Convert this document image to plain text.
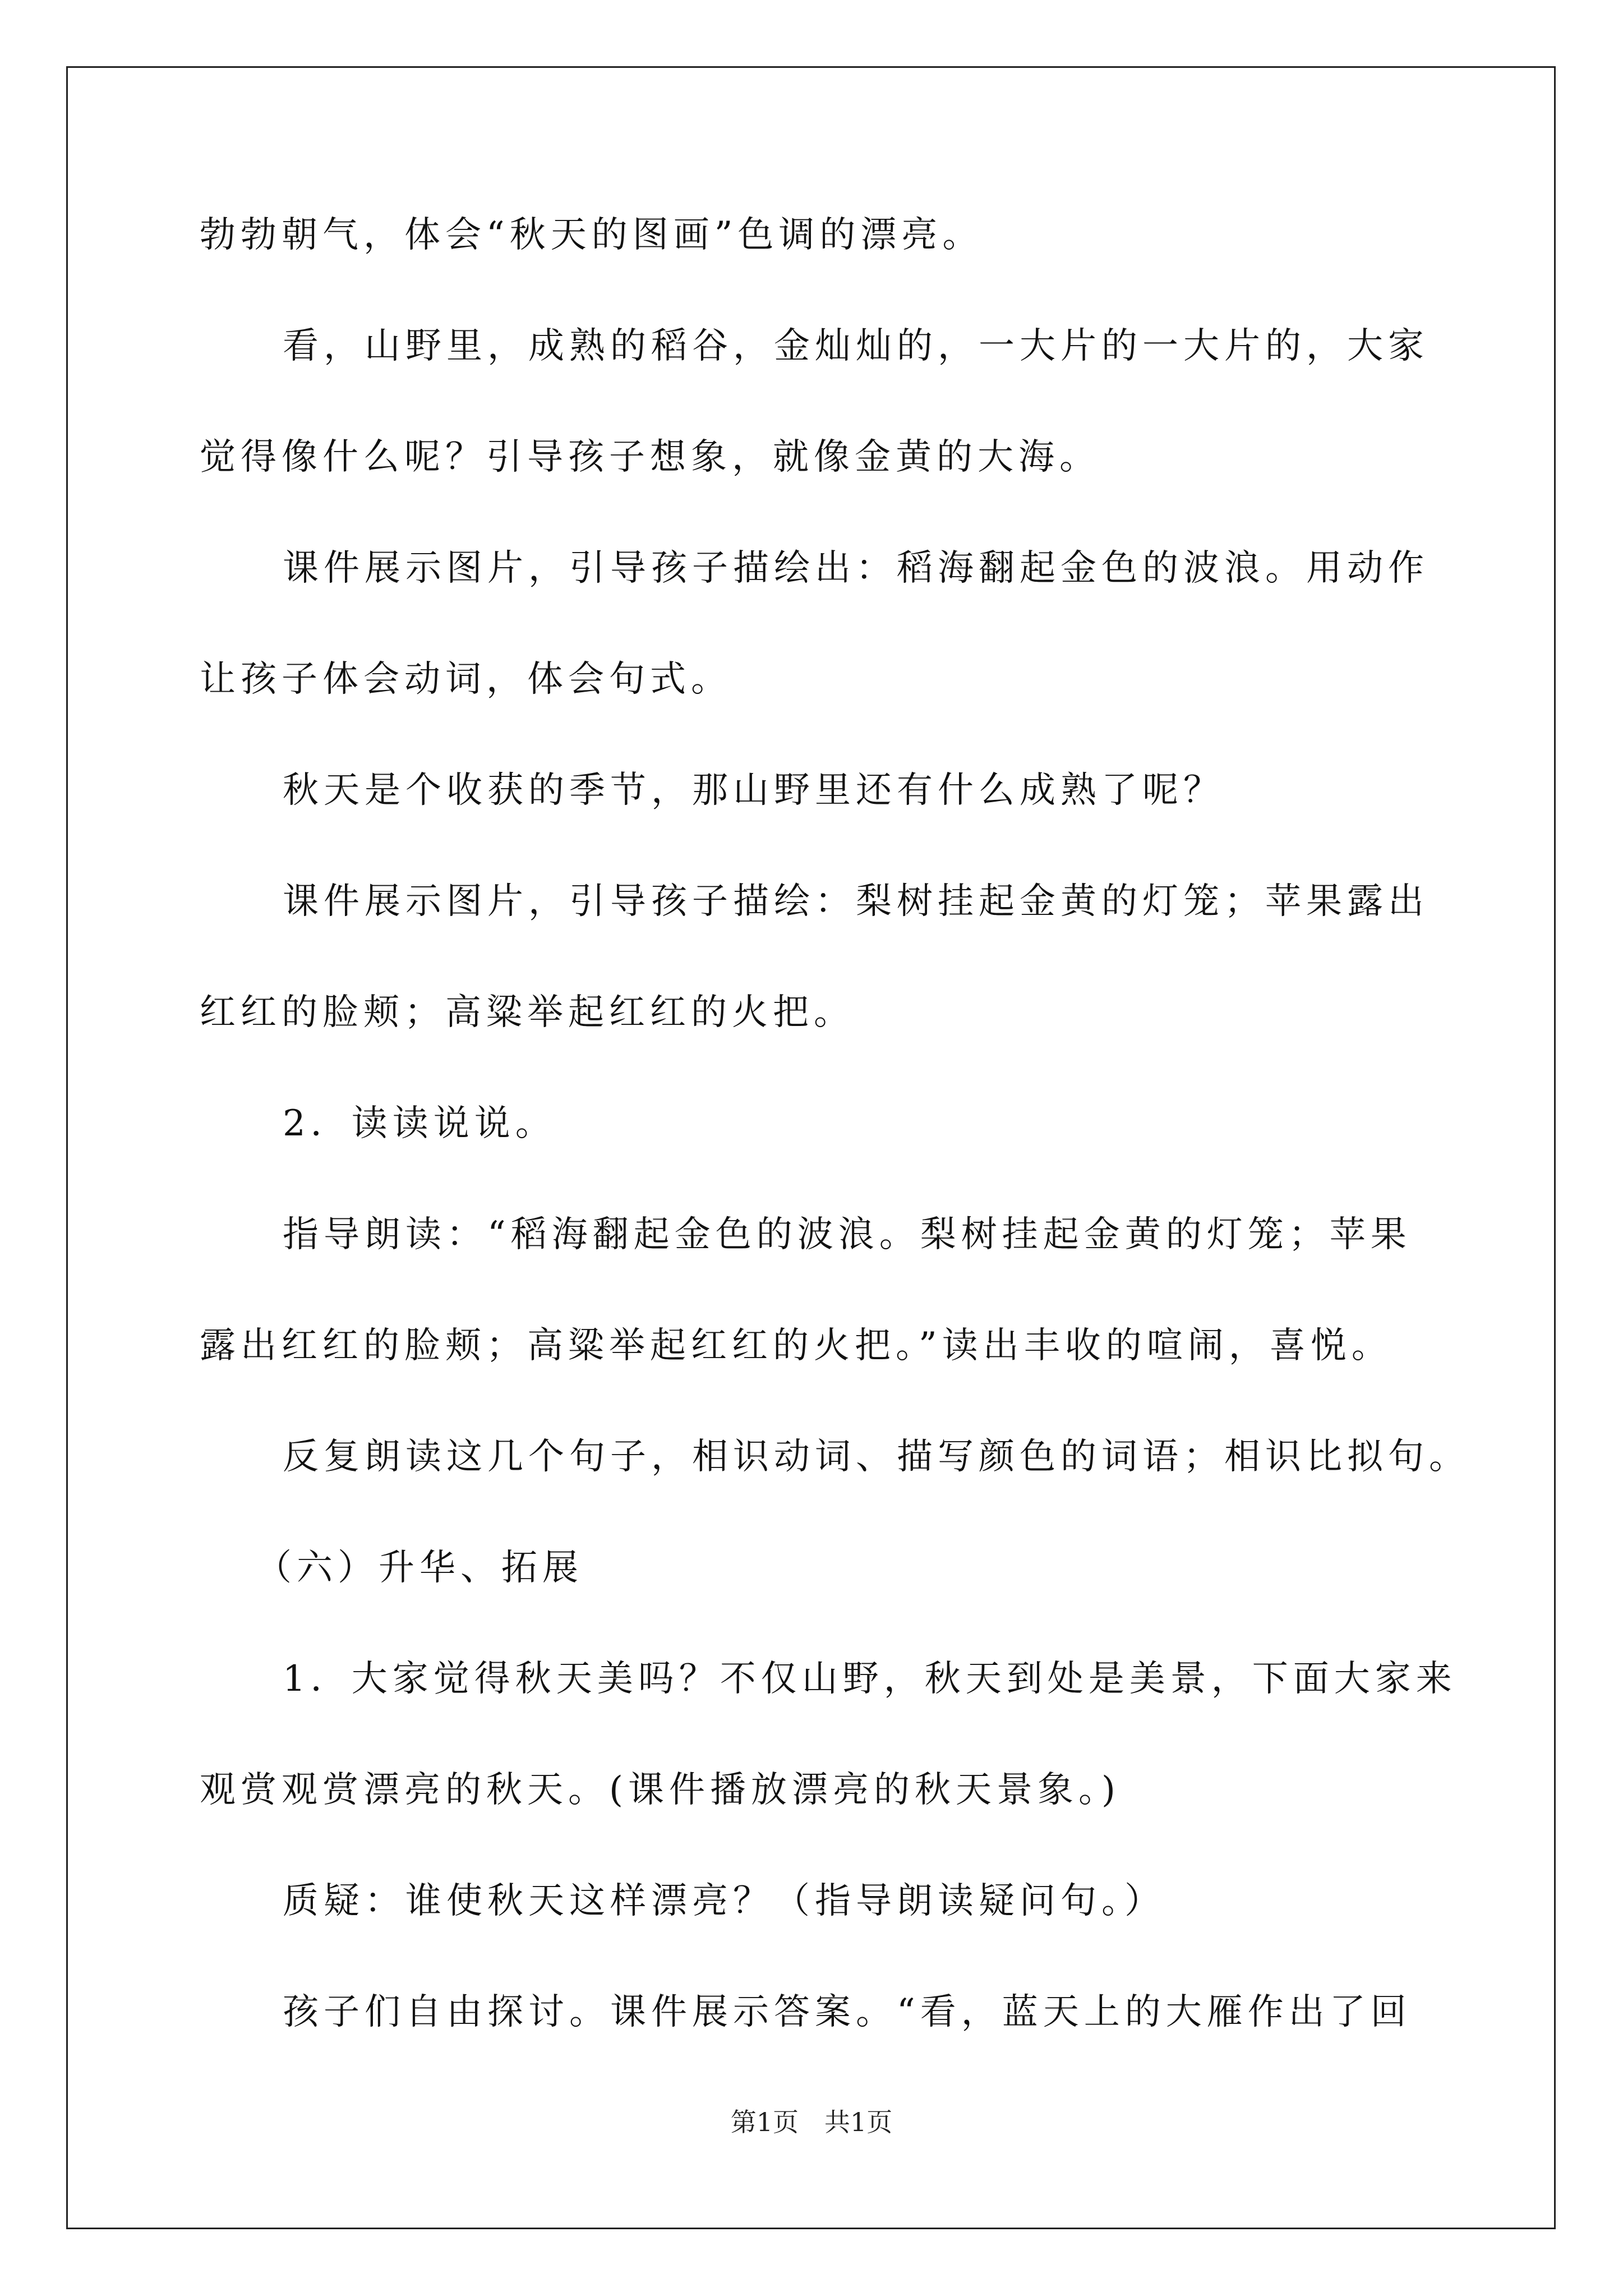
勃勃朝气，体会“秋天的图画”色调的漂亮。
看，山野里，成熟的稻谷，金灿灿的，一大片的一大片的，大家
觉得像什么呢？引导孩子想象，就像金黄的大海。
课件展示图片，引导孩子描绘出：稻海翻起金色的波浪。用动作
让孩子体会动词，体会句式。
秋天是个收获的季节，那山野里还有什么成熟了呢？
课件展示图片，引导孩子描绘：梨树挂起金黄的灯笼；苹果露出
红红的脸颊；高粱举起红红的火把。
2．读读说说。
指导朗读：“稻海翻起金色的波浪。梨树挂起金黄的灯笼；苹果
露出红红的脸颊；高粱举起红红的火把。”读出丰收的喧闹，喜悦。
反复朗读这几个句子，相识动词、描写颜色的词语；相识比拟句。
（六）升华、拓展
1．大家觉得秋天美吗？不仅山野，秋天到处是美景，下面大家来
观赏观赏漂亮的秋天。(课件播放漂亮的秋天景象。)
质疑：谁使秋天这样漂亮？（指导朗读疑问句。）
孩子们自由探讨。课件展示答案。“看，蓝天上的大雁作出了回
第1页　共1页
